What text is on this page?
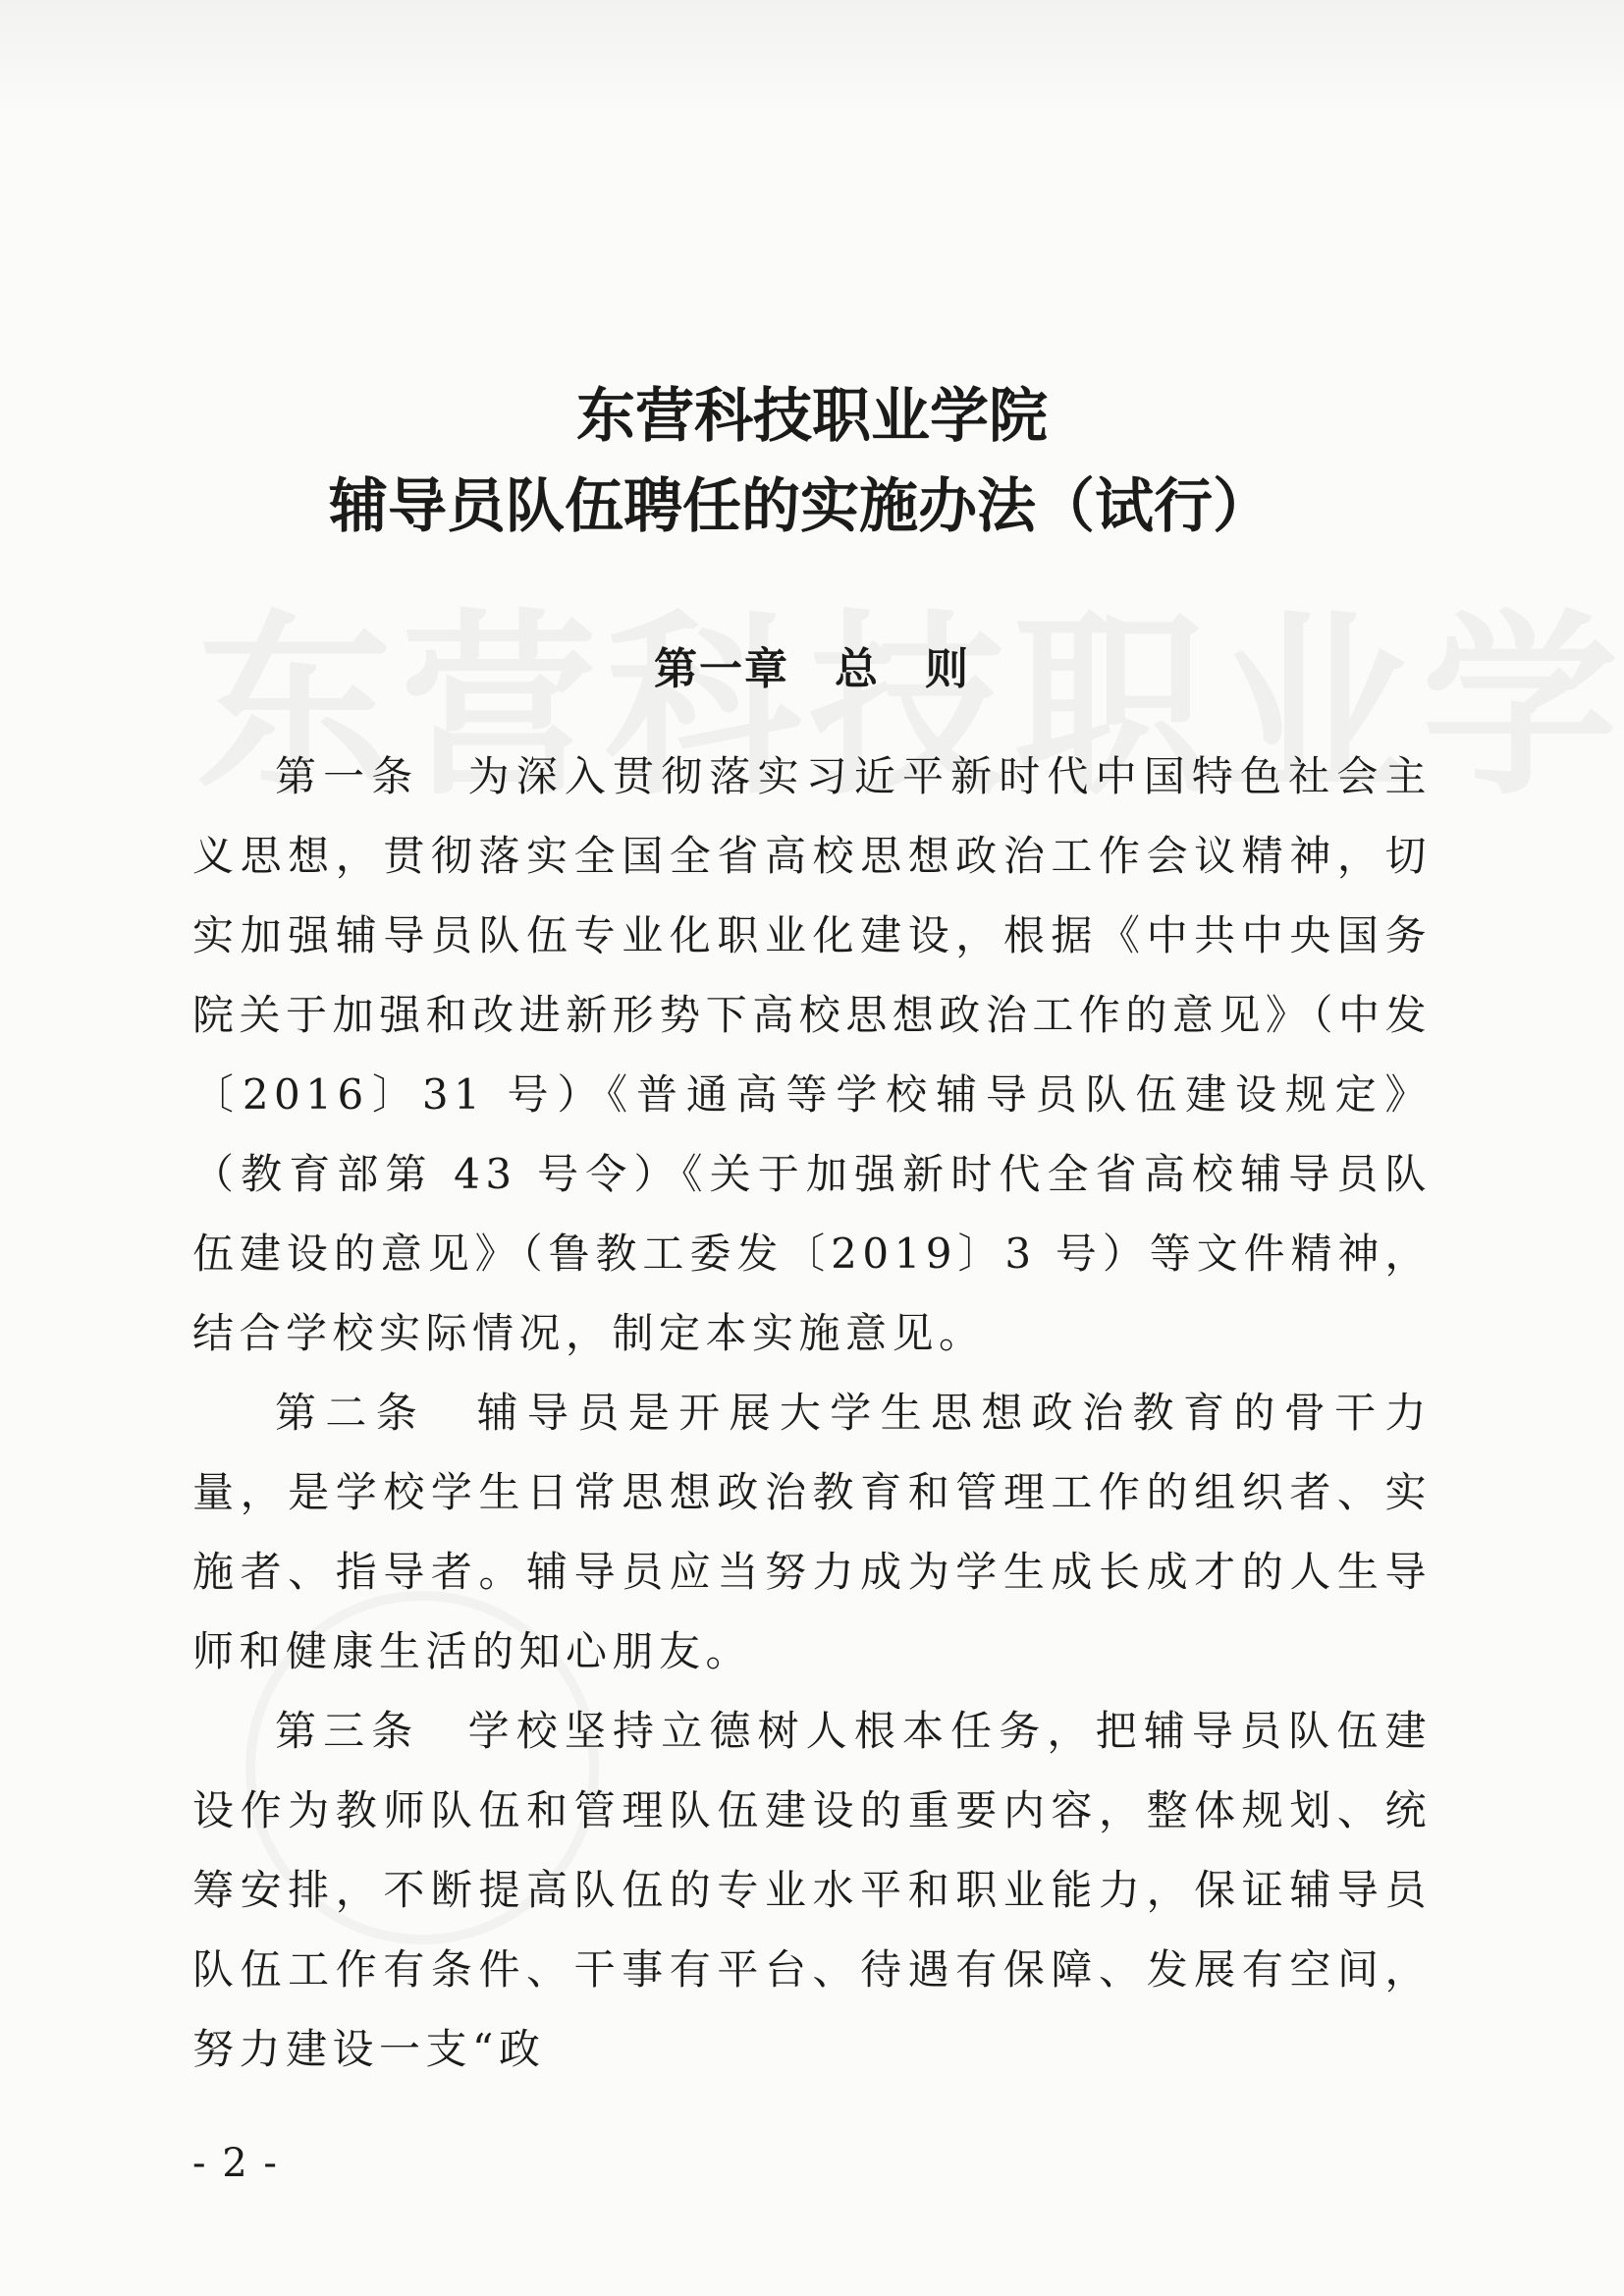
东营科技职业学院
辅导员队伍聘任的实施办法（试行）
第一章　总　则

第一条　为深入贯彻落实习近平新时代中国特色社会主义思想，贯彻落实全国全省高校思想政治工作会议精神，切实加强辅导员队伍专业化职业化建设，根据《中共中央国务院关于加强和改进新形势下高校思想政治工作的意见》（中发〔2016〕31 号）《普通高等学校辅导员队伍建设规定》（教育部第 43 号令）《关于加强新时代全省高校辅导员队伍建设的意见》（鲁教工委发〔2019〕3 号）等文件精神，结合学校实际情况，制定本实施意见。

第二条　辅导员是开展大学生思想政治教育的骨干力量，是学校学生日常思想政治教育和管理工作的组织者、实施者、指导者。辅导员应当努力成为学生成长成才的人生导师和健康生活的知心朋友。

第三条　学校坚持立德树人根本任务，把辅导员队伍建设作为教师队伍和管理队伍建设的重要内容，整体规划、统筹安排，不断提高队伍的专业水平和职业能力，保证辅导员队伍工作有条件、干事有平台、待遇有保障、发展有空间，努力建设一支“政

- 2 -
